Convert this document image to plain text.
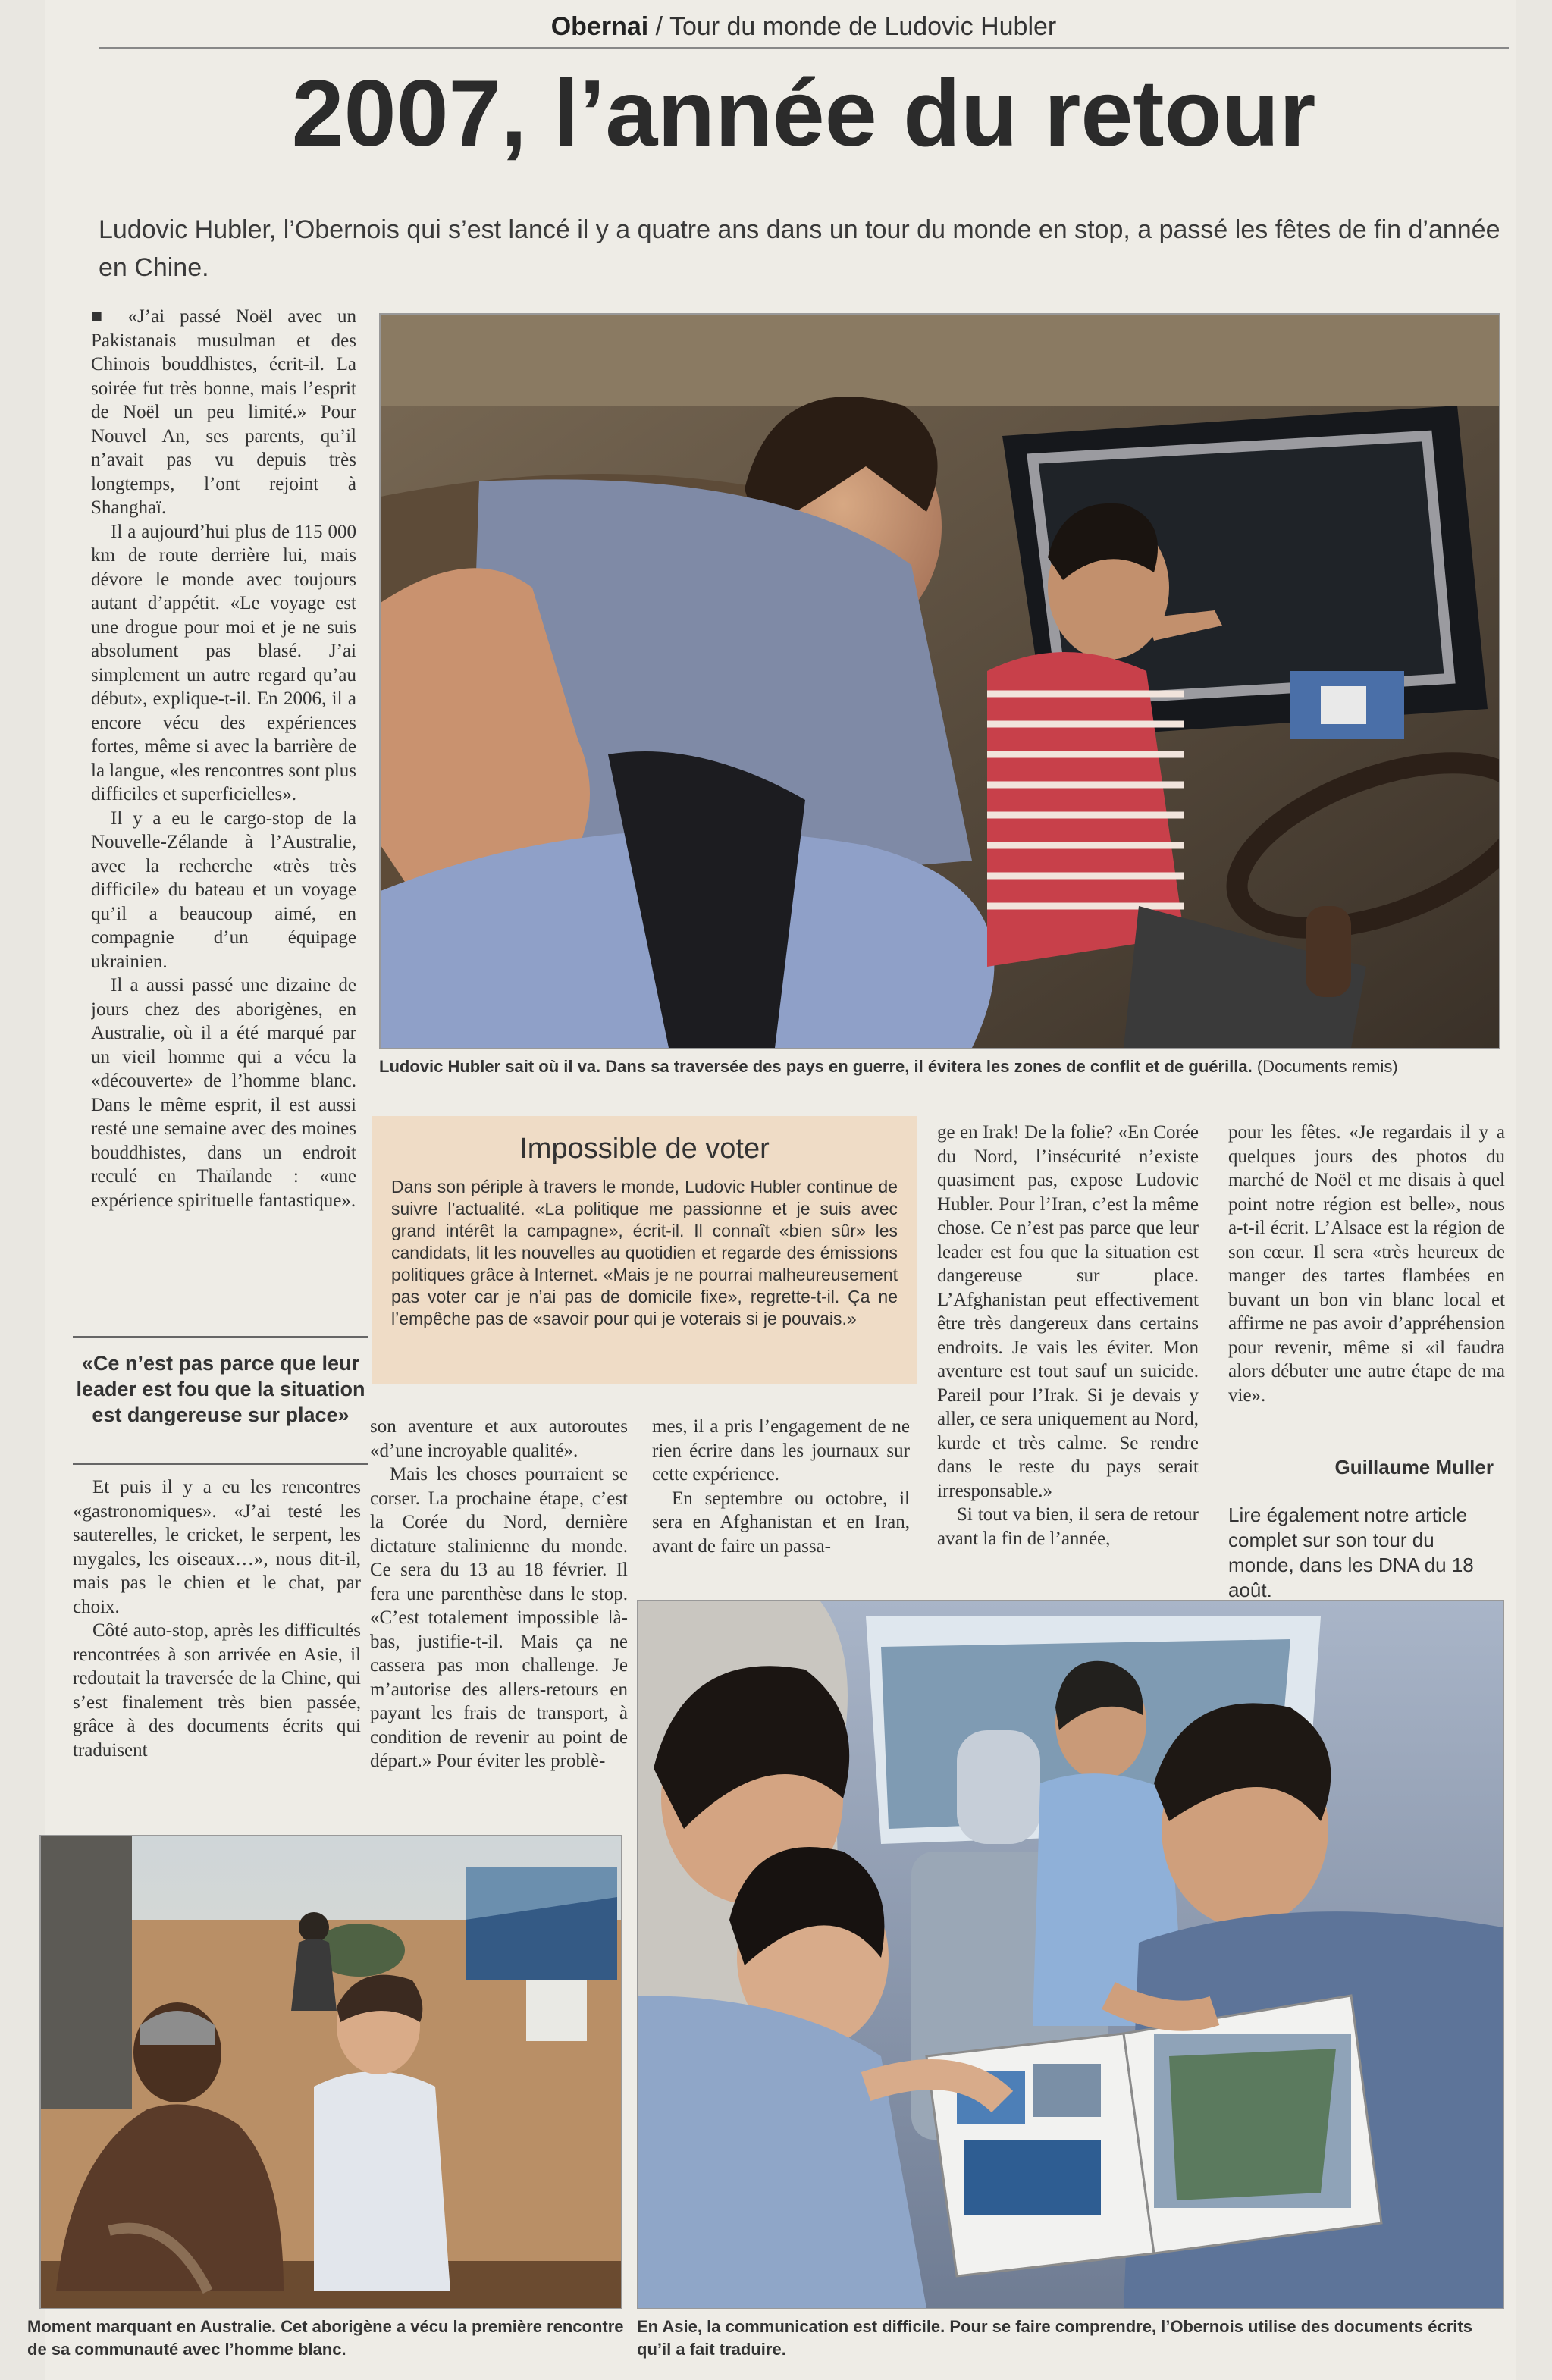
Obernai / Tour du monde de Ludovic Hubler
2007, l’année du retour
Ludovic Hubler, l’Obernois qui s’est lancé il y a quatre ans dans un tour du monde en stop, a passé les fêtes de fin d’année en Chine.

■ «J’ai passé Noël avec un Pakistanais musulman et des Chinois bouddhistes, écrit-il. La soirée fut très bonne, mais l’esprit de Noël un peu limité.» Pour Nouvel An, ses parents, qu’il n’avait pas vu depuis très longtemps, l’ont rejoint à Shanghaï.

Il a aujourd’hui plus de 115 000 km de route derrière lui, mais dévore le monde avec toujours autant d’appétit. «Le voyage est une drogue pour moi et je ne suis absolument pas blasé. J’ai simplement un autre regard qu’au début», explique-t-il. En 2006, il a encore vécu des expériences fortes, même si avec la barrière de la langue, «les rencontres sont plus difficiles et superficielles».

Il y a eu le cargo-stop de la Nouvelle-Zélande à l’Australie, avec la recherche «très très difficile» du bateau et un voyage qu’il a beaucoup aimé, en compagnie d’un équipage ukrainien.

Il a aussi passé une dizaine de jours chez des aborigènes, en Australie, où il a été marqué par un vieil homme qui a vécu la «découverte» de l’homme blanc. Dans le même esprit, il est aussi resté une semaine avec des moines bouddhistes, dans un endroit reculé en Thaïlande : «une expérience spirituelle fantastique».

«Ce n’est pas parce que leur leader est fou que la situation est dangereuse sur place»

Et puis il y a eu les rencontres «gastronomiques». «J’ai testé les sauterelles, le cricket, le serpent, les mygales, les oiseaux…», nous dit-il, mais pas le chien et le chat, par choix.

Côté auto-stop, après les difficultés rencontrées à son arrivée en Asie, il redoutait la traversée de la Chine, qui s’est finalement très bien passée, grâce à des documents écrits qui traduisent

son aventure et aux autoroutes «d’une incroyable qualité».

Mais les choses pourraient se corser. La prochaine étape, c’est la Corée du Nord, dernière dictature stalinienne du monde. Ce sera du 13 au 18 février. Il fera une parenthèse dans le stop. «C’est totalement impossible là-bas, justifie-t-il. Mais ça ne cassera pas mon challenge. Je m’autorise des allers-retours en payant les frais de transport, à condition de revenir au point de départ.» Pour éviter les problè-

mes, il a pris l’engagement de ne rien écrire dans les journaux sur cette expérience.

En septembre ou octobre, il sera en Afghanistan et en Iran, avant de faire un passa-

ge en Irak! De la folie? «En Corée du Nord, l’insécurité n’existe quasiment pas, expose Ludovic Hubler. Pour l’Iran, c’est la même chose. Ce n’est pas parce que leur leader est fou que la situation est dangereuse sur place. L’Afghanistan peut effectivement être très dangereux dans certains endroits. Je vais les éviter. Mon aventure est tout sauf un suicide. Pareil pour l’Irak. Si je devais y aller, ce sera uniquement au Nord, kurde et très calme. Se rendre dans le reste du pays serait irresponsable.»

Si tout va bien, il sera de retour avant la fin de l’année,

pour les fêtes. «Je regardais il y a quelques jours des photos du marché de Noël et me disais à quel point notre région est belle», nous a-t-il écrit. L’Alsace est la région de son cœur. Il sera «très heureux de manger des tartes flambées en buvant un bon vin blanc local et affirme ne pas avoir d’appréhension pour revenir, même si «il faudra alors débuter une autre étape de ma vie».

Guillaume Muller
Lire également notre article complet sur son tour du monde, dans les DNA du 18 août.
Impossible de voter
Dans son périple à travers le monde, Ludovic Hubler continue de suivre l’actualité. «La politique me passionne et je suis avec grand intérêt la campagne», écrit-il. Il connaît «bien sûr» les candidats, lit les nouvelles au quotidien et regarde des émissions politiques grâce à Internet. «Mais je ne pourrai malheureusement pas voter car je n’ai pas de domicile fixe», regrette-t-il. Ça ne l’empêche pas de «savoir pour qui je voterais si je pouvais.»
Ludovic Hubler sait où il va. Dans sa traversée des pays en guerre, il évitera les zones de conflit et de guérilla. (Documents remis)
Moment marquant en Australie. Cet aborigène a vécu la première rencontre de sa communauté avec l’homme blanc.
En Asie, la communication est difficile. Pour se faire comprendre, l’Obernois utilise des documents écrits qu’il a fait traduire.
